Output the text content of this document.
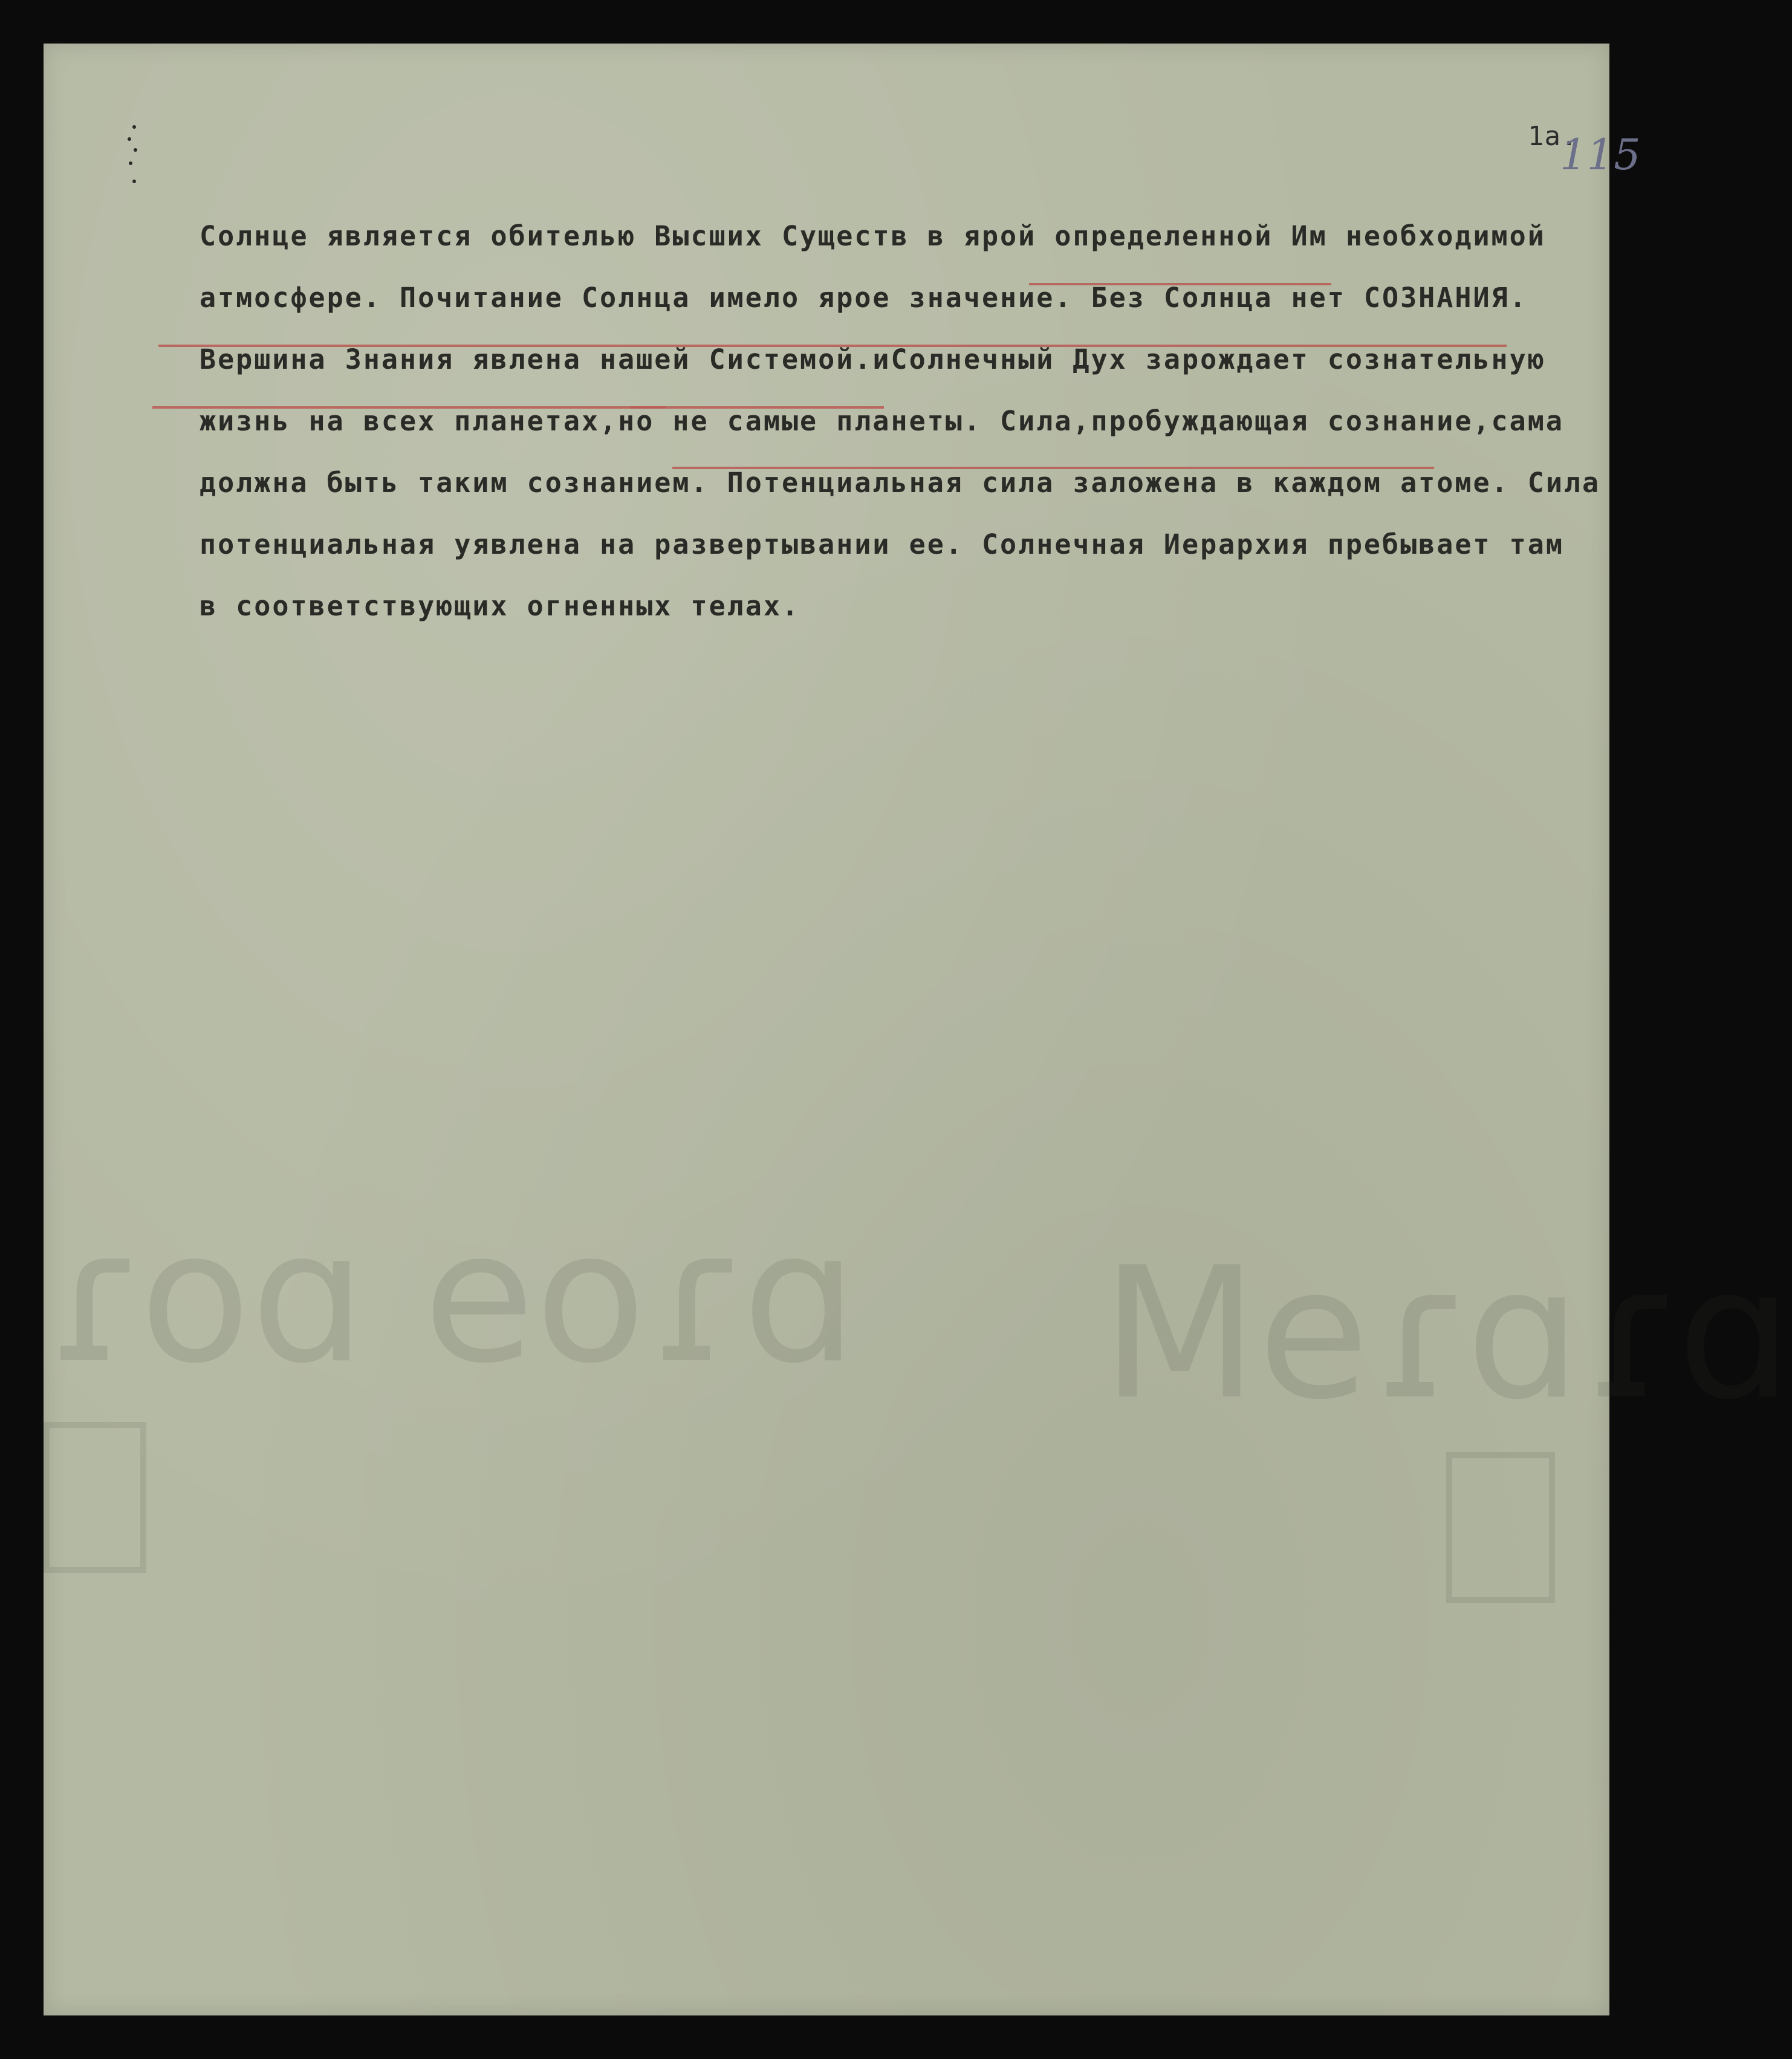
ɒɿoɘ ɒoɿ ɒɿɒɿɘM
1a.
115
Солнце является обителью Высших Существ в ярой определенной Им необходимой
атмосфере. Почитание Солнца имело ярое значение. Без Солнца нет СОЗНАНИЯ.
Вершина Знания явлена нашей Системой.иСолнечный Дух зарождает сознательную
жизнь на всех планетах,но не самые планеты. Сила,пробуждающая сознание,сама
должна быть таким сознанием. Потенциальная сила заложена в каждом атоме. Сила
потенциальная уявлена на развертывании ее. Солнечная Иерархия пребывает там
в соответствующих огненных телах.
